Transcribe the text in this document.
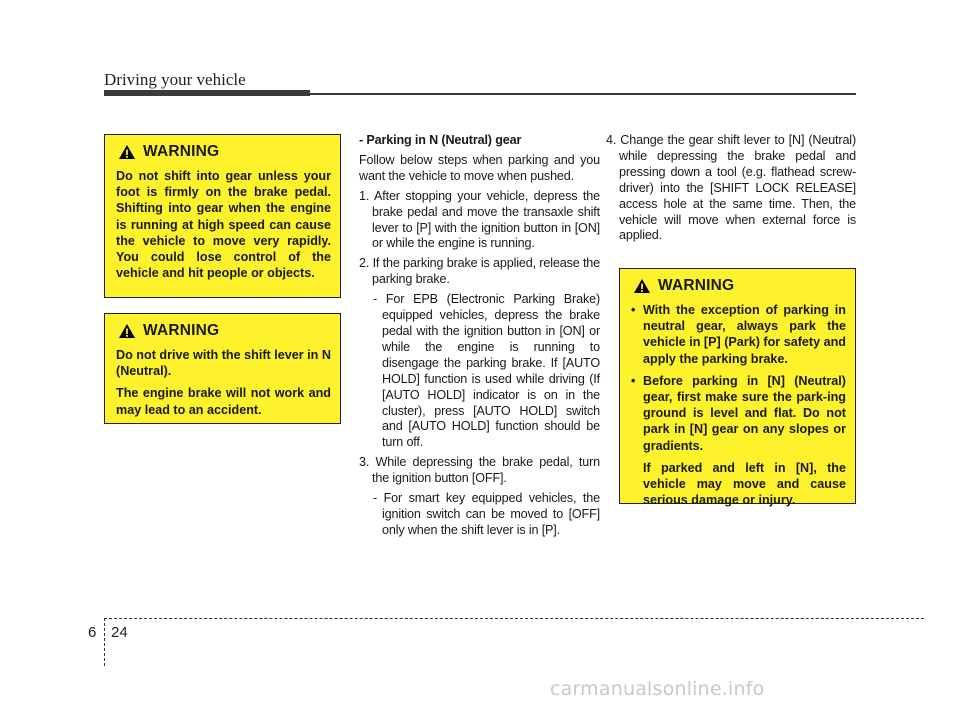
Driving your vehicle
WARNING

Do not shift into gear unless your foot is firmly on the brake pedal. Shifting into gear when the engine is running at high speed can cause the vehicle to move very rapidly. You could lose control of the vehicle and hit people or objects.

WARNING

Do not drive with the shift lever in N (Neutral).

The engine brake will not work and may lead to an accident.

- Parking in N (Neutral) gear

Follow below steps when parking and you want the vehicle to move when pushed.

1. After stopping your vehicle, depress the brake pedal and move the transaxle shift lever to [P] with the ignition button in [ON] or while the engine is running.

2. If the parking brake is applied, release the parking brake.

- For EPB (Electronic Parking Brake) equipped vehicles, depress the brake pedal with the ignition button in [ON] or while the engine is running to disengage the parking brake. If [AUTO HOLD] function is used while driving (If [AUTO HOLD] indicator is on in the cluster), press [AUTO HOLD] switch and [AUTO HOLD] function should be turn off.

3. While depressing the brake pedal, turn the ignition button [OFF].

- For smart key equipped vehicles, the ignition switch can be moved to [OFF] only when the shift lever is in [P].

4. Change the gear shift lever to [N] (Neutral) while depressing the brake pedal and pressing down a tool (e.g. flathead screw-driver) into the [SHIFT LOCK RELEASE] access hole at the same time. Then, the vehicle will move when external force is applied.

WARNING
• With the exception of parking in neutral gear, always park the vehicle in [P] (Park) for safety and apply the parking brake.
• Before parking in [N] (Neutral) gear, first make sure the park-ing ground is level and flat. Do not park in [N] gear on any slopes or gradients.
If parked and left in [N], the vehicle may move and cause serious damage or injury.
6 24
carmanualsonline.info
